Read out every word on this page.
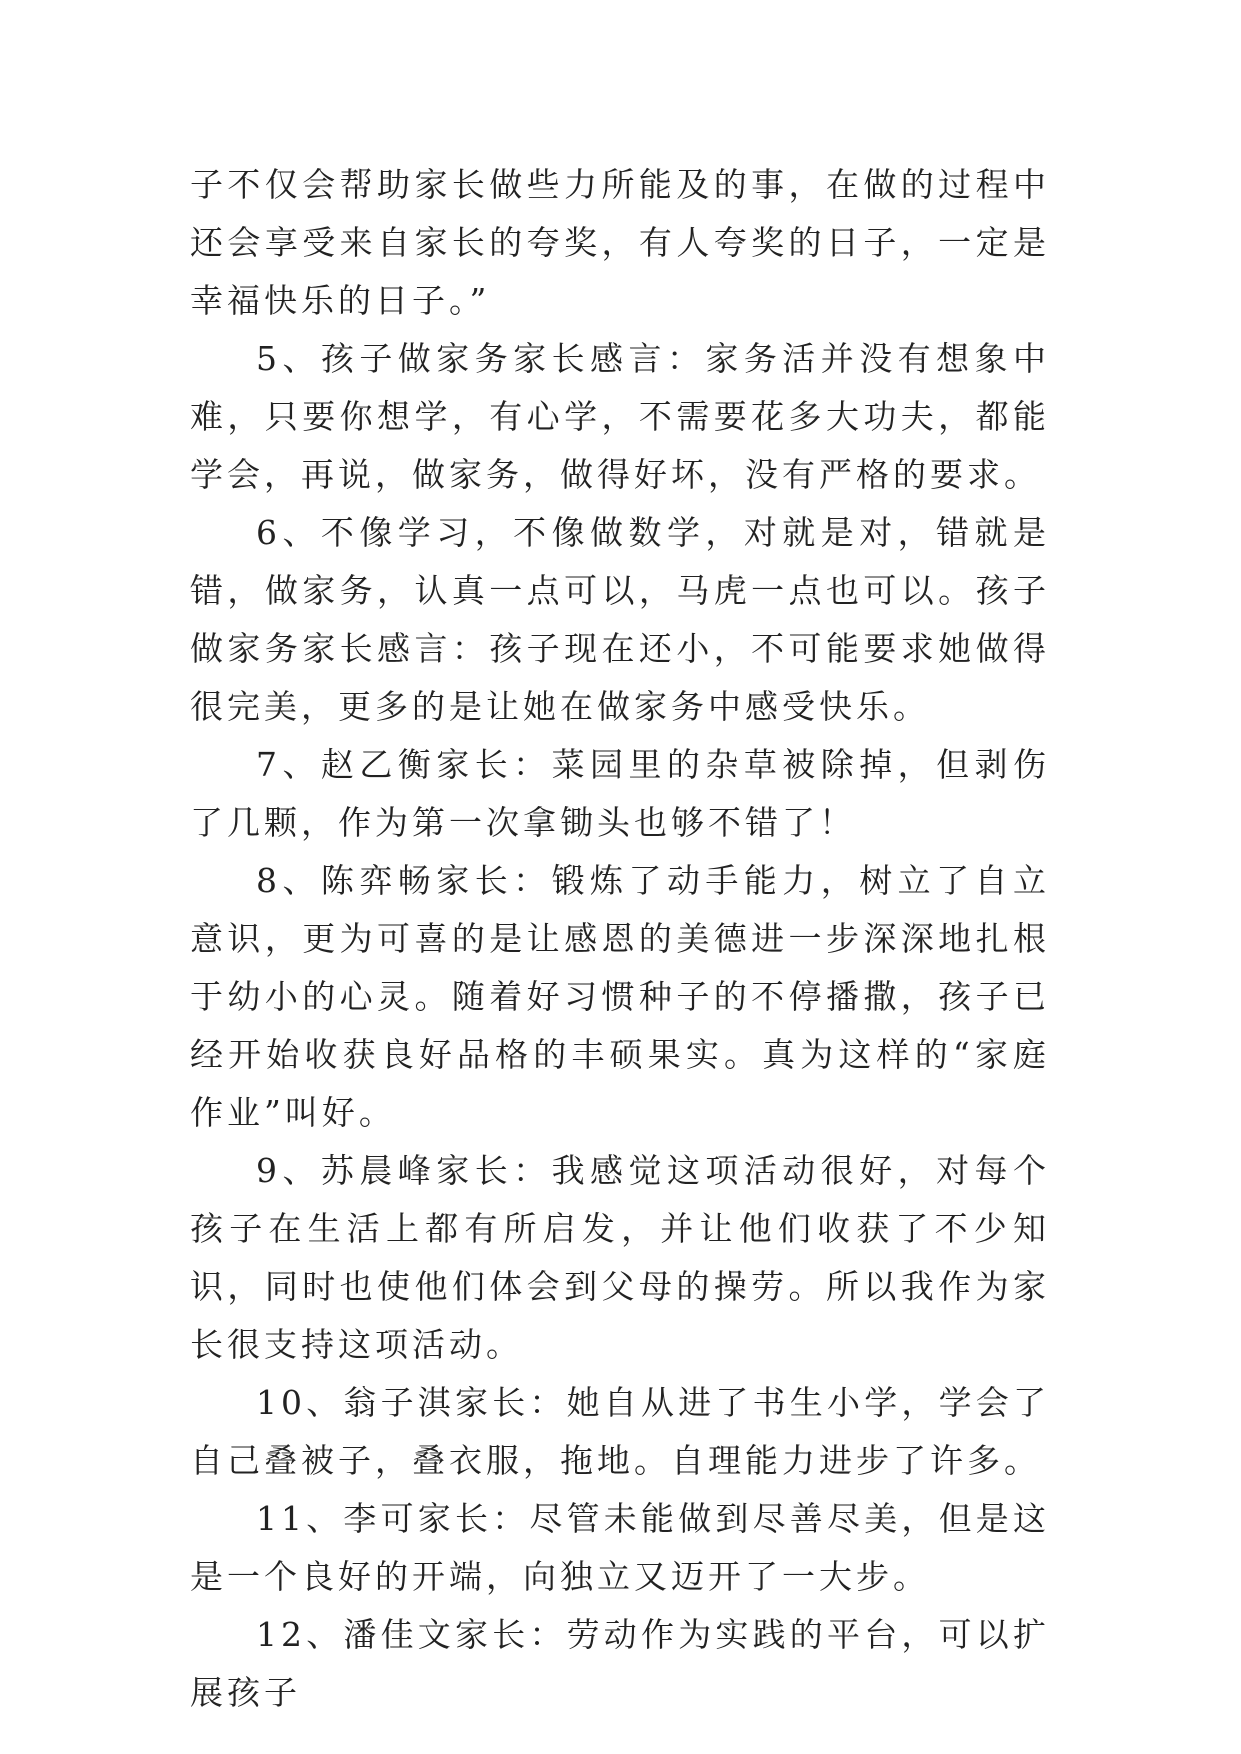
子不仅会帮助家长做些力所能及的事，在做的过程中还会享受来自家长的夸奖，有人夸奖的日子，一定是幸福快乐的日子。”

5、孩子做家务家长感言：家务活并没有想象中难，只要你想学，有心学，不需要花多大功夫，都能学会，再说，做家务，做得好坏，没有严格的要求。

6、不像学习，不像做数学，对就是对，错就是错，做家务，认真一点可以，马虎一点也可以。孩子做家务家长感言：孩子现在还小，不可能要求她做得很完美，更多的是让她在做家务中感受快乐。

7、赵乙衡家长：菜园里的杂草被除掉，但剥伤了几颗，作为第一次拿锄头也够不错了！

8、陈弈畅家长：锻炼了动手能力，树立了自立意识，更为可喜的是让感恩的美德进一步深深地扎根于幼小的心灵。随着好习惯种子的不停播撒，孩子已经开始收获良好品格的丰硕果实。真为这样的“家庭作业”叫好。

9、苏晨峰家长：我感觉这项活动很好，对每个孩子在生活上都有所启发，并让他们收获了不少知识，同时也使他们体会到父母的操劳。所以我作为家长很支持这项活动。

10、翁子淇家长：她自从进了书生小学，学会了自己叠被子，叠衣服，拖地。自理能力进步了许多。

11、李可家长：尽管未能做到尽善尽美，但是这是一个良好的开端，向独立又迈开了一大步。

12、潘佳文家长：劳动作为实践的平台，可以扩展孩子
